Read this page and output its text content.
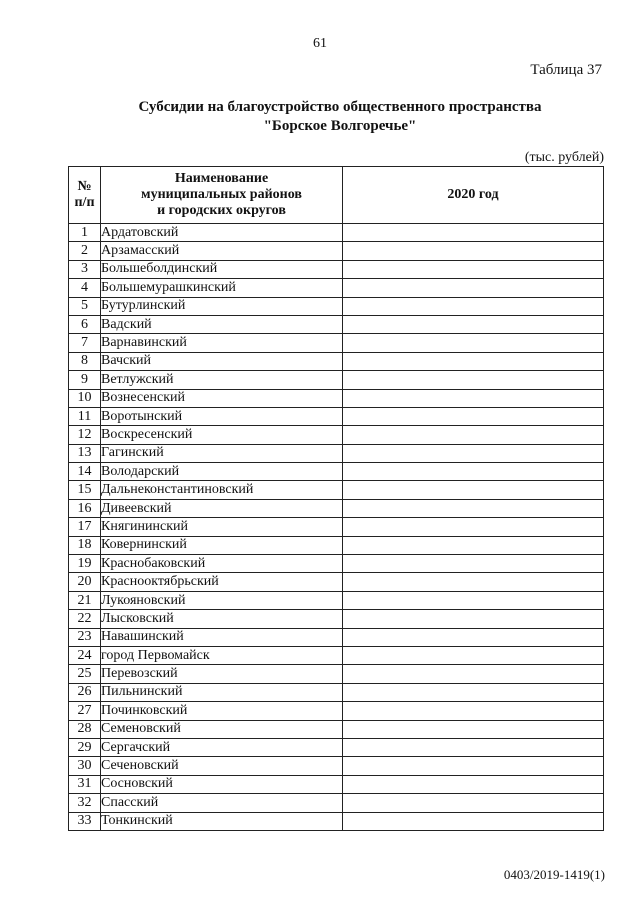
61
Таблица 37
Субсидии на благоустройство общественного пространства
"Борское Волгоречье"
(тыс. рублей)
№
п/п	Наименование
муниципальных районов
и городских округов	2020 год
1	Ардатовский	
2	Арзамасский	
3	Большеболдинский	
4	Большемурашкинский	
5	Бутурлинский	
6	Вадский	
7	Варнавинский	
8	Вачский	
9	Ветлужский	
10	Вознесенский	
11	Воротынский	
12	Воскресенский	
13	Гагинский	
14	Володарский	
15	Дальнеконстантиновский	
16	Дивеевский	
17	Княгининский	
18	Ковернинский	
19	Краснобаковский	
20	Краснооктябрьский	
21	Лукояновский	
22	Лысковский	
23	Навашинский	
24	город Первомайск	
25	Перевозский	
26	Пильнинский	
27	Починковский	
28	Семеновский	
29	Сергачский	
30	Сеченовский	
31	Сосновский	
32	Спасский	
33	Тонкинский	
0403/2019-1419(1)
